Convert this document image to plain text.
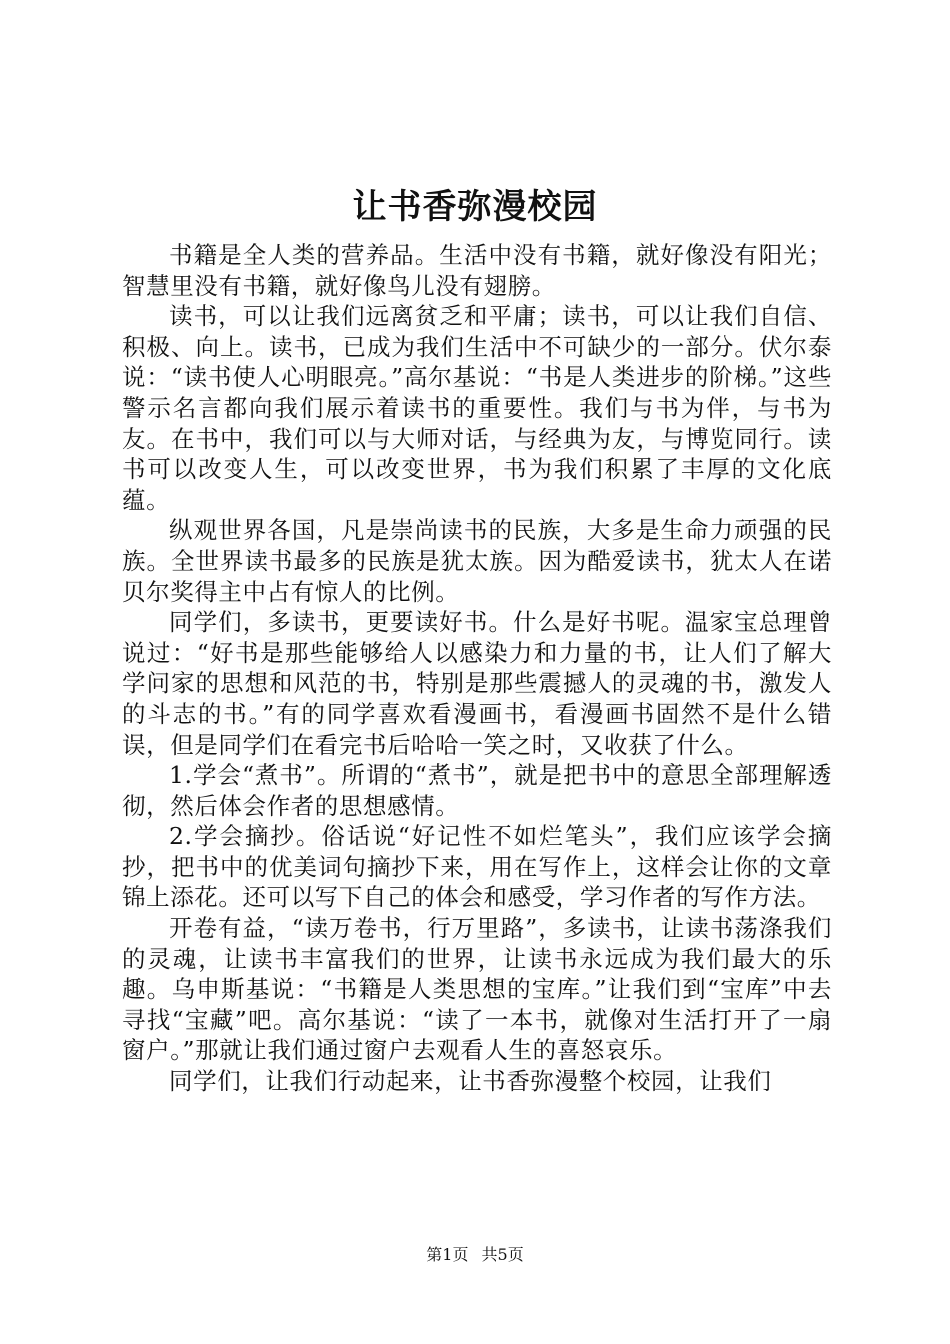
让书香弥漫校园

书籍是全人类的营养品。生活中没有书籍，就好像没有阳光；智慧里没有书籍，就好像鸟儿没有翅膀。

读书，可以让我们远离贫乏和平庸；读书，可以让我们自信、积极、向上。读书，已成为我们生活中不可缺少的一部分。伏尔泰说：“读书使人心明眼亮。”高尔基说：“书是人类进步的阶梯。”这些警示名言都向我们展示着读书的重要性。我们与书为伴，与书为友。在书中，我们可以与大师对话，与经典为友，与博览同行。读书可以改变人生，可以改变世界，书为我们积累了丰厚的文化底蕴。

纵观世界各国，凡是崇尚读书的民族，大多是生命力顽强的民族。全世界读书最多的民族是犹太族。因为酷爱读书，犹太人在诺贝尔奖得主中占有惊人的比例。

同学们，多读书，更要读好书。什么是好书呢。温家宝总理曾说过：“好书是那些能够给人以感染力和力量的书，让人们了解大学问家的思想和风范的书，特别是那些震撼人的灵魂的书，激发人的斗志的书。”有的同学喜欢看漫画书，看漫画书固然不是什么错误，但是同学们在看完书后哈哈一笑之时，又收获了什么。

1.学会“煮书”。所谓的“煮书”，就是把书中的意思全部理解透彻，然后体会作者的思想感情。

2.学会摘抄。俗话说“好记性不如烂笔头”，我们应该学会摘抄，把书中的优美词句摘抄下来，用在写作上，这样会让你的文章锦上添花。还可以写下自己的体会和感受，学习作者的写作方法。

开卷有益，“读万卷书，行万里路”，多读书，让读书荡涤我们的灵魂，让读书丰富我们的世界，让读书永远成为我们最大的乐趣。乌申斯基说：“书籍是人类思想的宝库。”让我们到“宝库”中去寻找“宝藏”吧。高尔基说：“读了一本书，就像对生活打开了一扇窗户。”那就让我们通过窗户去观看人生的喜怒哀乐。

同学们，让我们行动起来，让书香弥漫整个校园，让我们

第1页 共5页
